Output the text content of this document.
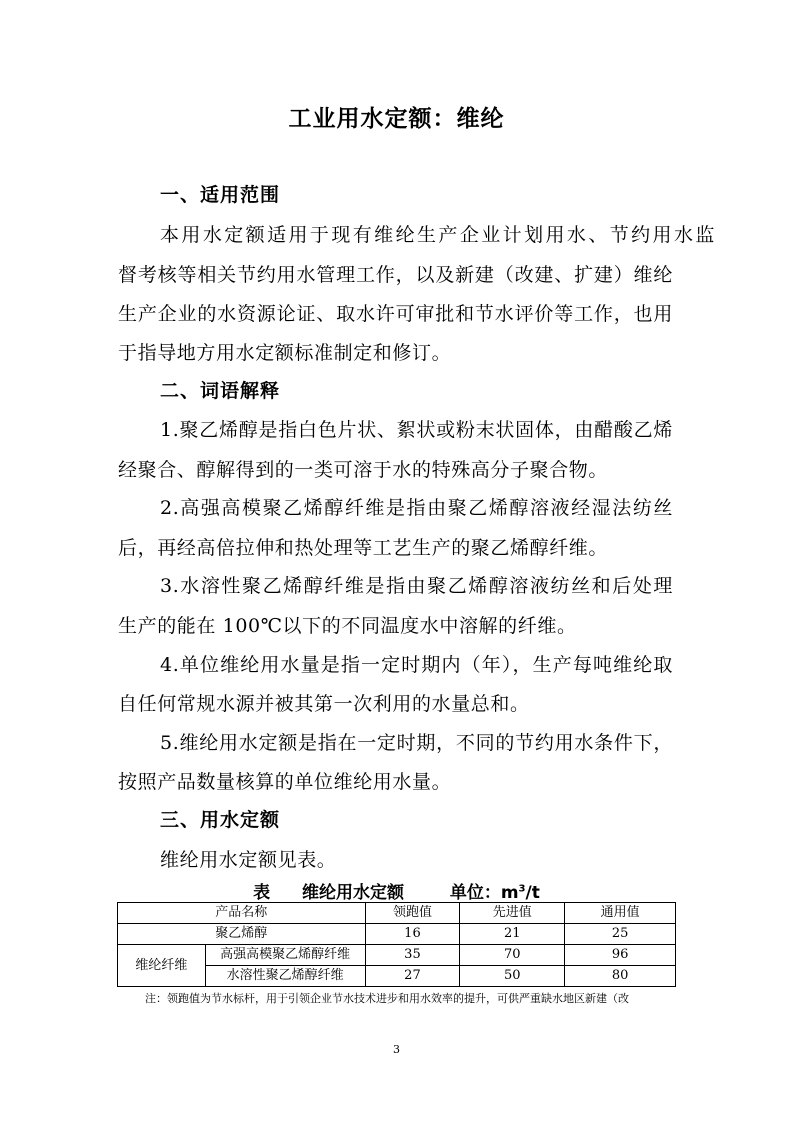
工业用水定额：维纶
一、适用范围
本用水定额适用于现有维纶生产企业计划用水、节约用水监
督考核等相关节约用水管理工作，以及新建（改建、扩建）维纶
生产企业的水资源论证、取水许可审批和节水评价等工作，也用
于指导地方用水定额标准制定和修订。
二、词语解释
1.聚乙烯醇是指白色片状、絮状或粉末状固体，由醋酸乙烯
经聚合、醇解得到的一类可溶于水的特殊高分子聚合物。
2.高强高模聚乙烯醇纤维是指由聚乙烯醇溶液经湿法纺丝
后，再经高倍拉伸和热处理等工艺生产的聚乙烯醇纤维。
3.水溶性聚乙烯醇纤维是指由聚乙烯醇溶液纺丝和后处理
生产的能在 100℃以下的不同温度水中溶解的纤维。
4.单位维纶用水量是指一定时期内（年），生产每吨维纶取
自任何常规水源并被其第一次利用的水量总和。
5.维纶用水定额是指在一定时期，不同的节约用水条件下，
按照产品数量核算的单位维纶用水量。
三、用水定额
维纶用水定额见表。
表 维纶用水定额	单位：$m^3/t$
产品名称		领跑值	先进值	通用值
聚乙烯醇		16	21	25
维纶纤维	高强高模聚乙烯醇纤维	35	70	96
	水溶性聚乙烯醇纤维	27	50	80
注：领跑值为节水标杆，用于引领企业节水技术进步和用水效率的提升，可供严重缺水地区新建（改
3
